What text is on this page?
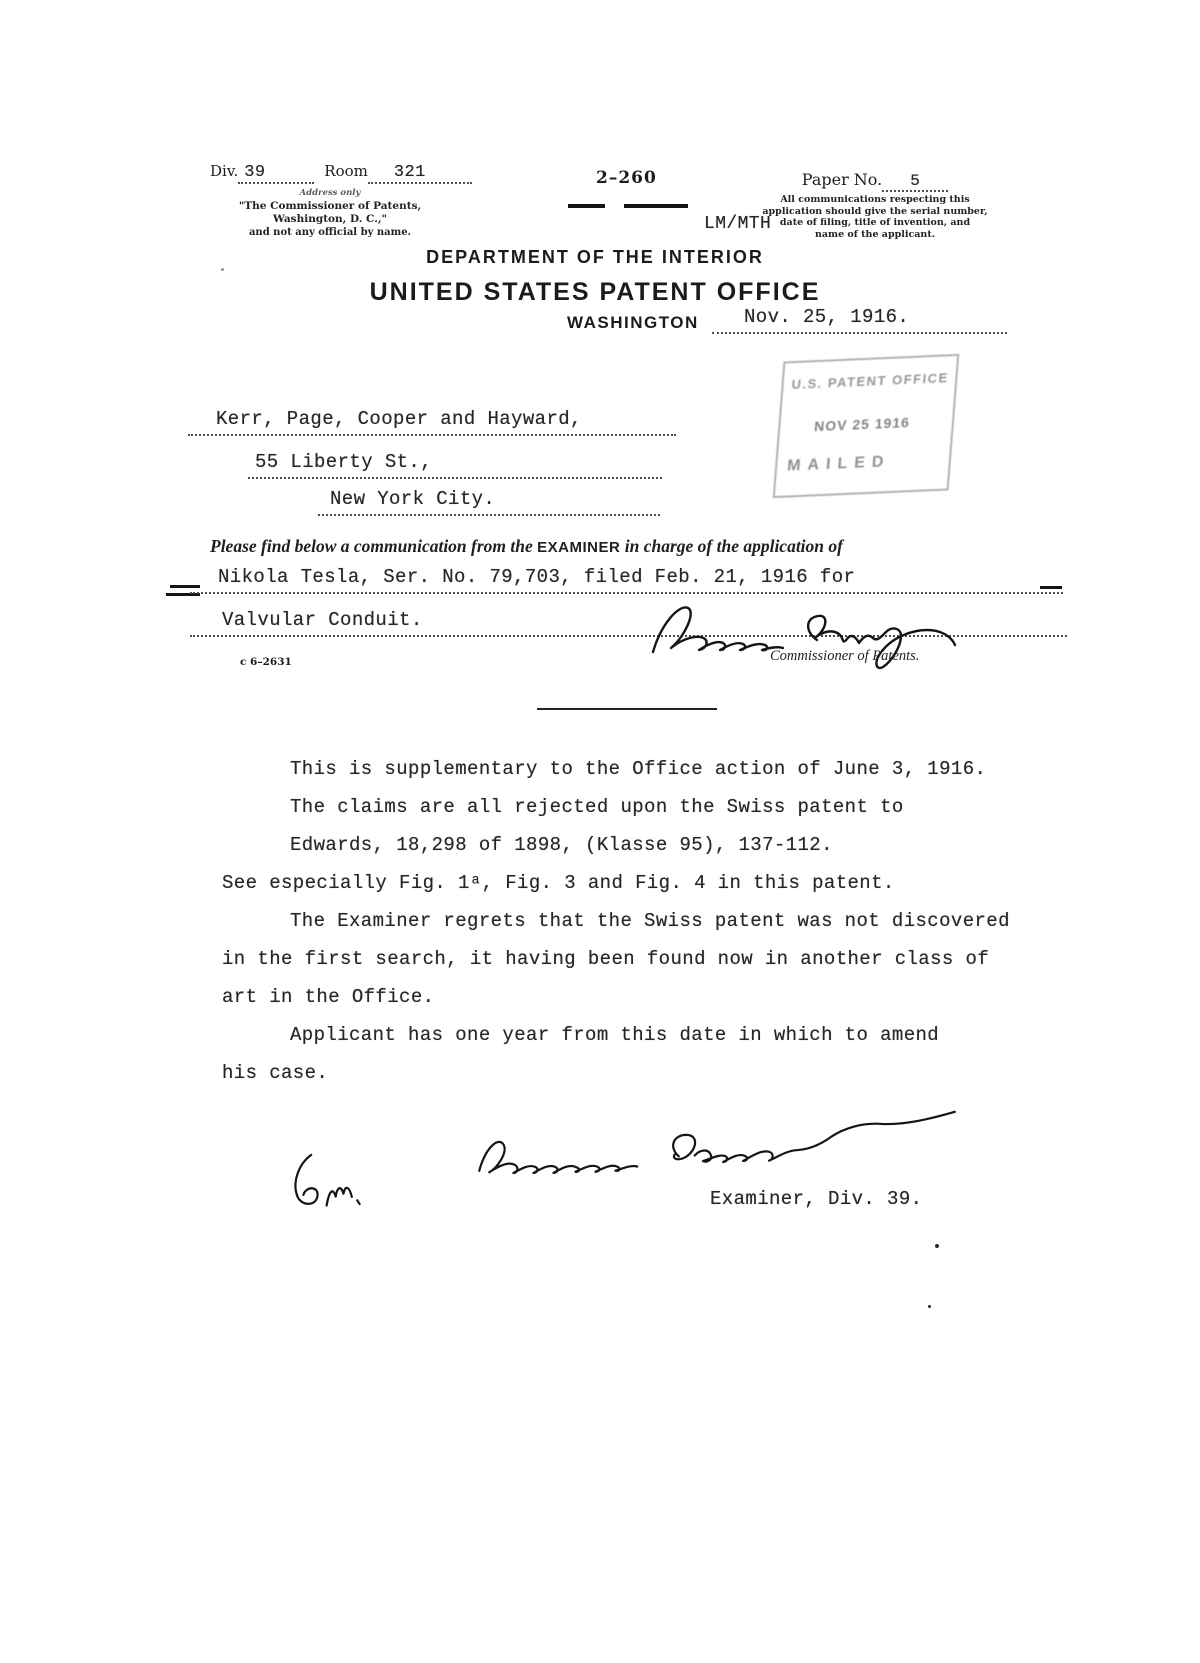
Div. 39	Room 321
Address only
"The Commissioner of Patents,
Washington, D. C.,"
and not any official by name.
2–260
LM/MTH
Paper No. 5
All communications respecting this
application should give the serial number,
date of filing, title of invention, and
name of the applicant.
DEPARTMENT OF THE INTERIOR
UNITED STATES PATENT OFFICE
WASHINGTON	Nov. 25, 1916.
Kerr, Page, Cooper and Hayward,
55 Liberty St.,
New York City.
U.S. PATENT OFFICE
NOV 25 1916
MAILED
Please find below a communication from the EXAMINER in charge of the application of
Nikola Tesla, Ser. No. 79,703, filed Feb. 21, 1916 for
Valvular Conduit.
Commissioner of Patents.
c 6–2631
This is supplementary to the Office action of June 3, 1916.
The claims are all rejected upon the Swiss patent to
Edwards, 18,298 of 1898, (Klasse 95), 137-112.
See especially Fig. 1ᵃ, Fig. 3 and Fig. 4 in this patent.
The Examiner regrets that the Swiss patent was not discovered
in the first search, it having been found now in another class of
art in the Office.
Applicant has one year from this date in which to amend
his case.
Examiner, Div. 39.
